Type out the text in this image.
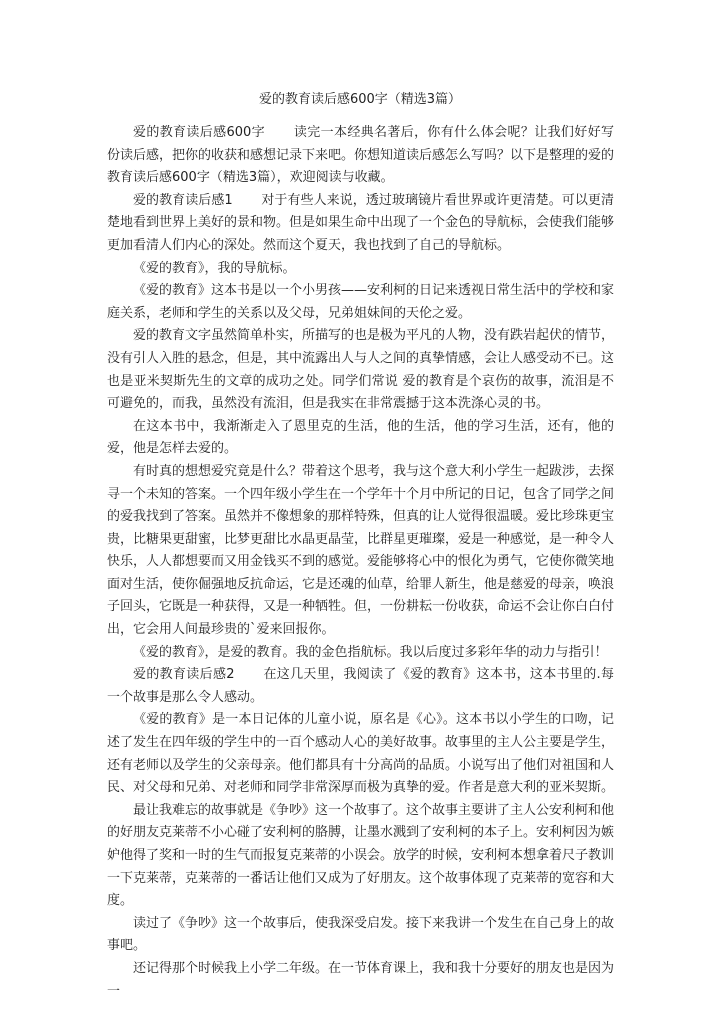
爱的教育读后感600字（精选3篇）

爱的教育读后感600字 读完一本经典名著后，你有什么体会呢？让我们好好写份读后感，把你的收获和感想记录下来吧。你想知道读后感怎么写吗？以下是整理的爱的教育读后感600字（精选3篇），欢迎阅读与收藏。

爱的教育读后感1 对于有些人来说，透过玻璃镜片看世界或许更清楚。可以更清楚地看到世界上美好的景和物。但是如果生命中出现了一个金色的导航标，会使我们能够更加看清人们内心的深处。然而这个夏天，我也找到了自己的导航标。

《爱的教育》，我的导航标。

《爱的教育》这本书是以一个小男孩——安利柯的日记来透视日常生活中的学校和家庭关系，老师和学生的关系以及父母，兄弟姐妹间的天伦之爱。

爱的教育文字虽然简单朴实，所描写的也是极为平凡的人物，没有跌岩起伏的情节，没有引人入胜的悬念，但是，其中流露出人与人之间的真挚情感，会让人感受动不已。这也是亚米契斯先生的文章的成功之处。同学们常说 爱的教育是个哀伤的故事，流泪是不可避免的，而我，虽然没有流泪，但是我实在非常震撼于这本洗涤心灵的书。

在这本书中，我渐渐走入了恩里克的生活，他的生活，他的学习生活，还有，他的爱，他是怎样去爱的。

有时真的想想爱究竟是什么？带着这个思考，我与这个意大利小学生一起跋涉，去探寻一个未知的答案。一个四年级小学生在一个学年十个月中所记的日记，包含了同学之间的爱我找到了答案。虽然并不像想象的那样特殊，但真的让人觉得很温暖。爱比珍珠更宝贵，比糖果更甜蜜，比梦更甜比水晶更晶莹，比群星更璀璨，爱是一种感觉，是一种令人快乐，人人都想要而又用金钱买不到的感觉。爱能够将心中的恨化为勇气，它使你微笑地面对生活，使你倔强地反抗命运，它是还魂的仙草，给罪人新生，他是慈爱的母亲，唤浪子回头，它既是一种获得，又是一种牺牲。但，一份耕耘一份收获，命运不会让你白白付出，它会用人间最珍贵的`爱来回报你。

《爱的教育》，是爱的教育。我的金色指航标。我以后度过多彩年华的动力与指引！

爱的教育读后感2 在这几天里，我阅读了《爱的教育》这本书，这本书里的.每一个故事是那么令人感动。

《爱的教育》是一本日记体的儿童小说，原名是《心》。这本书以小学生的口吻，记述了发生在四年级的学生中的一百个感动人心的美好故事。故事里的主人公主要是学生，还有老师以及学生的父亲母亲。他们都具有十分高尚的品质。小说写出了他们对祖国和人民、对父母和兄弟、对老师和同学非常深厚而极为真挚的爱。作者是意大利的亚米契斯。

最让我难忘的故事就是《争吵》这一个故事了。这个故事主要讲了主人公安利柯和他的好朋友克莱蒂不小心碰了安利柯的胳膊，让墨水溅到了安利柯的本子上。安利柯因为嫉妒他得了奖和一时的生气而报复克莱蒂的小误会。放学的时候，安利柯本想拿着尺子教训一下克莱蒂，克莱蒂的一番话让他们又成为了好朋友。这个故事体现了克莱蒂的宽容和大度。

读过了《争吵》这一个故事后，使我深受启发。接下来我讲一个发生在自己身上的故事吧。

还记得那个时候我上小学二年级。在一节体育课上，我和我十分要好的朋友也是因为一
